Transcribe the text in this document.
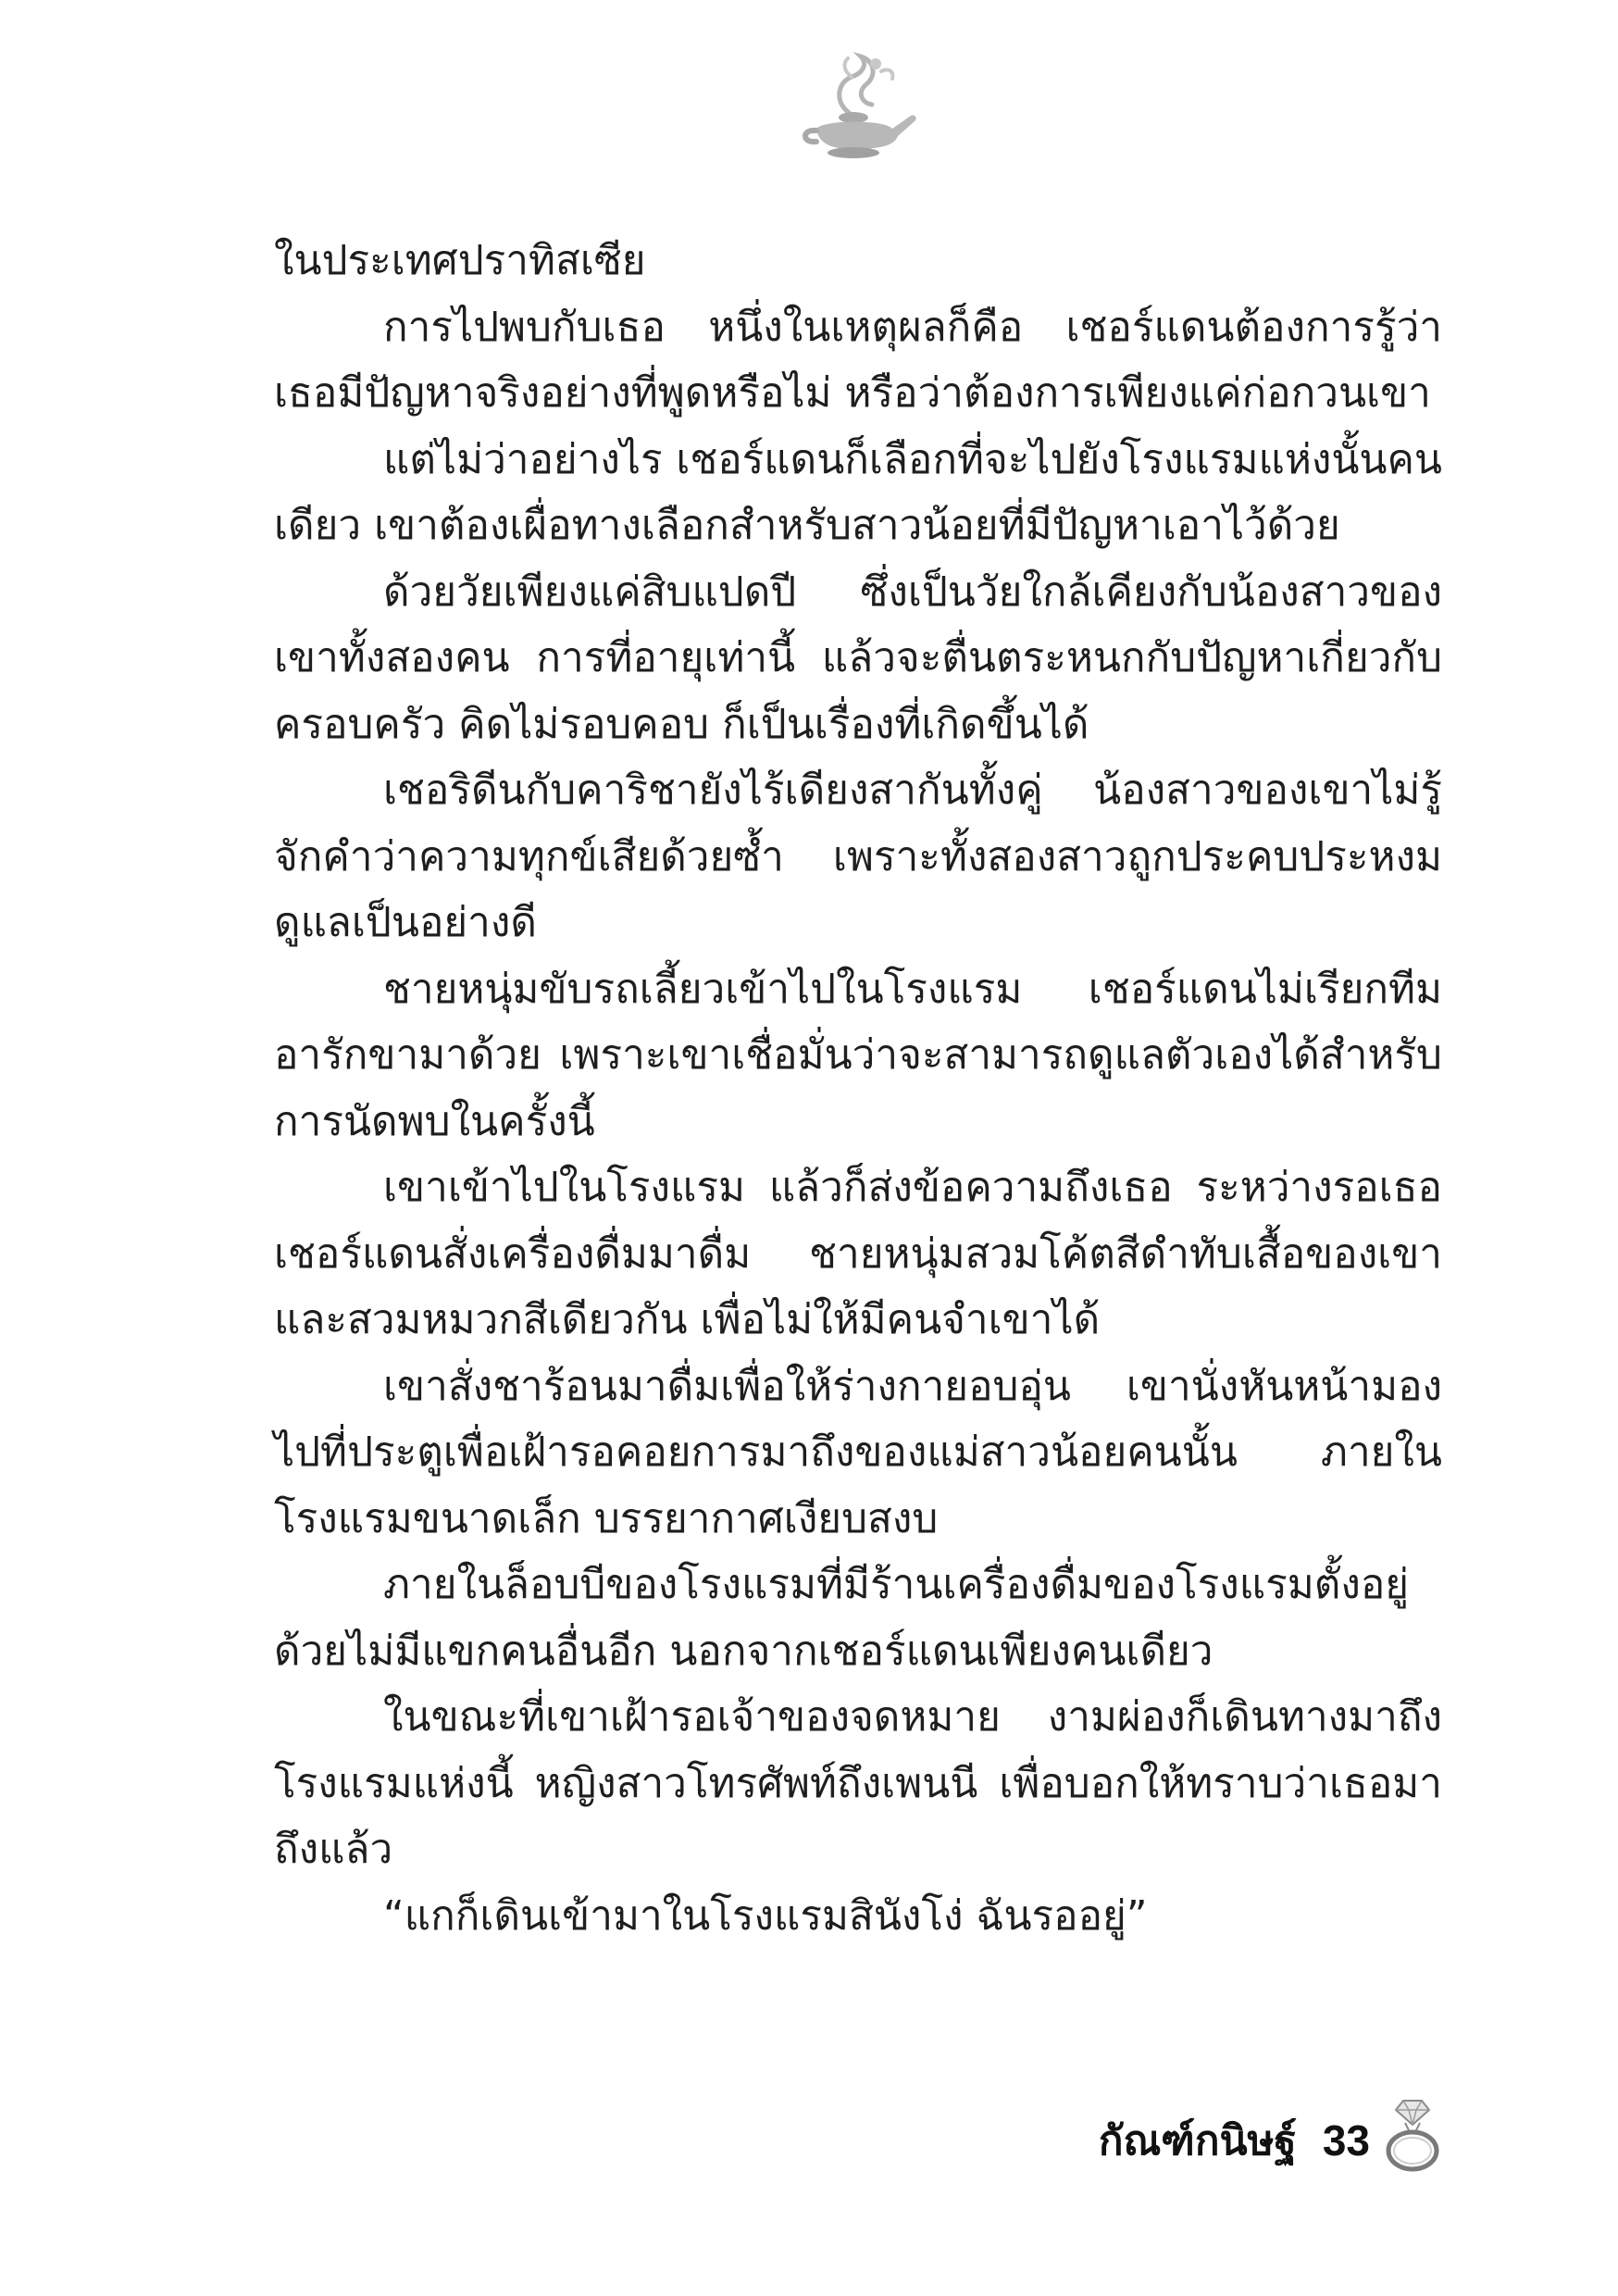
ในประเทศปราทิสเซีย

การไปพบกับเธอ หนึ่งในเหตุผลก็คือ เชอร์แดนต้องการรู้ว่าเธอมีปัญหาจริงอย่างที่พูดหรือไม่ หรือว่าต้องการเพียงแค่ก่อกวนเขา

แต่ไม่ว่าอย่างไร เชอร์แดนก็เลือกที่จะไปยังโรงแรมแห่งนั้นคนเดียว เขาต้องเผื่อทางเลือกสำหรับสาวน้อยที่มีปัญหาเอาไว้ด้วย

ด้วยวัยเพียงแค่สิบแปดปี ซึ่งเป็นวัยใกล้เคียงกับน้องสาวของเขาทั้งสองคน การที่อายุเท่านี้ แล้วจะตื่นตระหนกกับปัญหาเกี่ยวกับครอบครัว คิดไม่รอบคอบ ก็เป็นเรื่องที่เกิดขึ้นได้

เชอริดีนกับคาริชายังไร้เดียงสากันทั้งคู่ น้องสาวของเขาไม่รู้จักคำว่าความทุกข์เสียด้วยซ้ำ เพราะทั้งสองสาวถูกประคบประหงมดูแลเป็นอย่างดี

ชายหนุ่มขับรถเลี้ยวเข้าไปในโรงแรม เชอร์แดนไม่เรียกทีมอารักขามาด้วย เพราะเขาเชื่อมั่นว่าจะสามารถดูแลตัวเองได้สำหรับการนัดพบในครั้งนี้

เขาเข้าไปในโรงแรม แล้วก็ส่งข้อความถึงเธอ ระหว่างรอเธอเชอร์แดนสั่งเครื่องดื่มมาดื่ม ชายหนุ่มสวมโค้ตสีดำทับเสื้อของเขาและสวมหมวกสีเดียวกัน เพื่อไม่ให้มีคนจำเขาได้

เขาสั่งชาร้อนมาดื่มเพื่อให้ร่างกายอบอุ่น เขานั่งหันหน้ามองไปที่ประตูเพื่อเฝ้ารอคอยการมาถึงของแม่สาวน้อยคนนั้น ภายในโรงแรมขนาดเล็ก บรรยากาศเงียบสงบ

ภายในล็อบบีของโรงแรมที่มีร้านเครื่องดื่มของโรงแรมตั้งอยู่ด้วยไม่มีแขกคนอื่นอีก นอกจากเชอร์แดนเพียงคนเดียว

ในขณะที่เขาเฝ้ารอเจ้าของจดหมาย งามผ่องก็เดินทางมาถึงโรงแรมแห่งนี้ หญิงสาวโทรศัพท์ถึงเพนนี เพื่อบอกให้ทราบว่าเธอมาถึงแล้ว

“แกก็เดินเข้ามาในโรงแรมสินังโง่ ฉันรออยู่”

กัณฑ์กนิษฐ์ 33
